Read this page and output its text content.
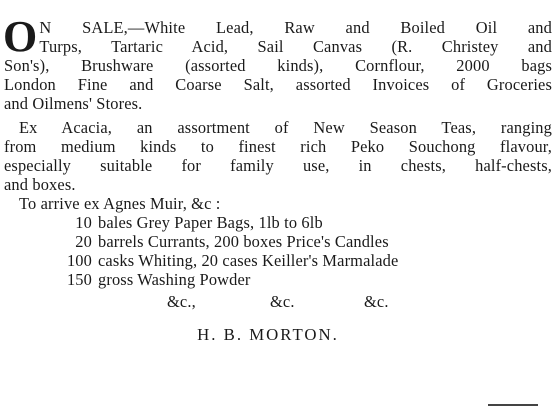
O N SALE,—White Lead, Raw and Boiled Oil and
Turps, Tartaric Acid, Sail Canvas (R. Christey and
Son's), Brushware (assorted kinds), Cornflour, 2000 bags
London Fine and Coarse Salt, assorted Invoices of Groceries
and Oilmens' Stores.
Ex Acacia, an assortment of New Season Teas, ranging
from medium kinds to finest rich Peko Souchong flavour,
especially suitable for family use, in chests, half-chests,
and boxes.
To arrive ex Agnes Muir, &c :
10 bales Grey Paper Bags, 1lb to 6lb
20 barrels Currants, 200 boxes Price's Candles
100 casks Whiting, 20 cases Keiller's Marmalade
150 gross Washing Powder
&c.,	&c.	&c.
H. B. MORTON.
